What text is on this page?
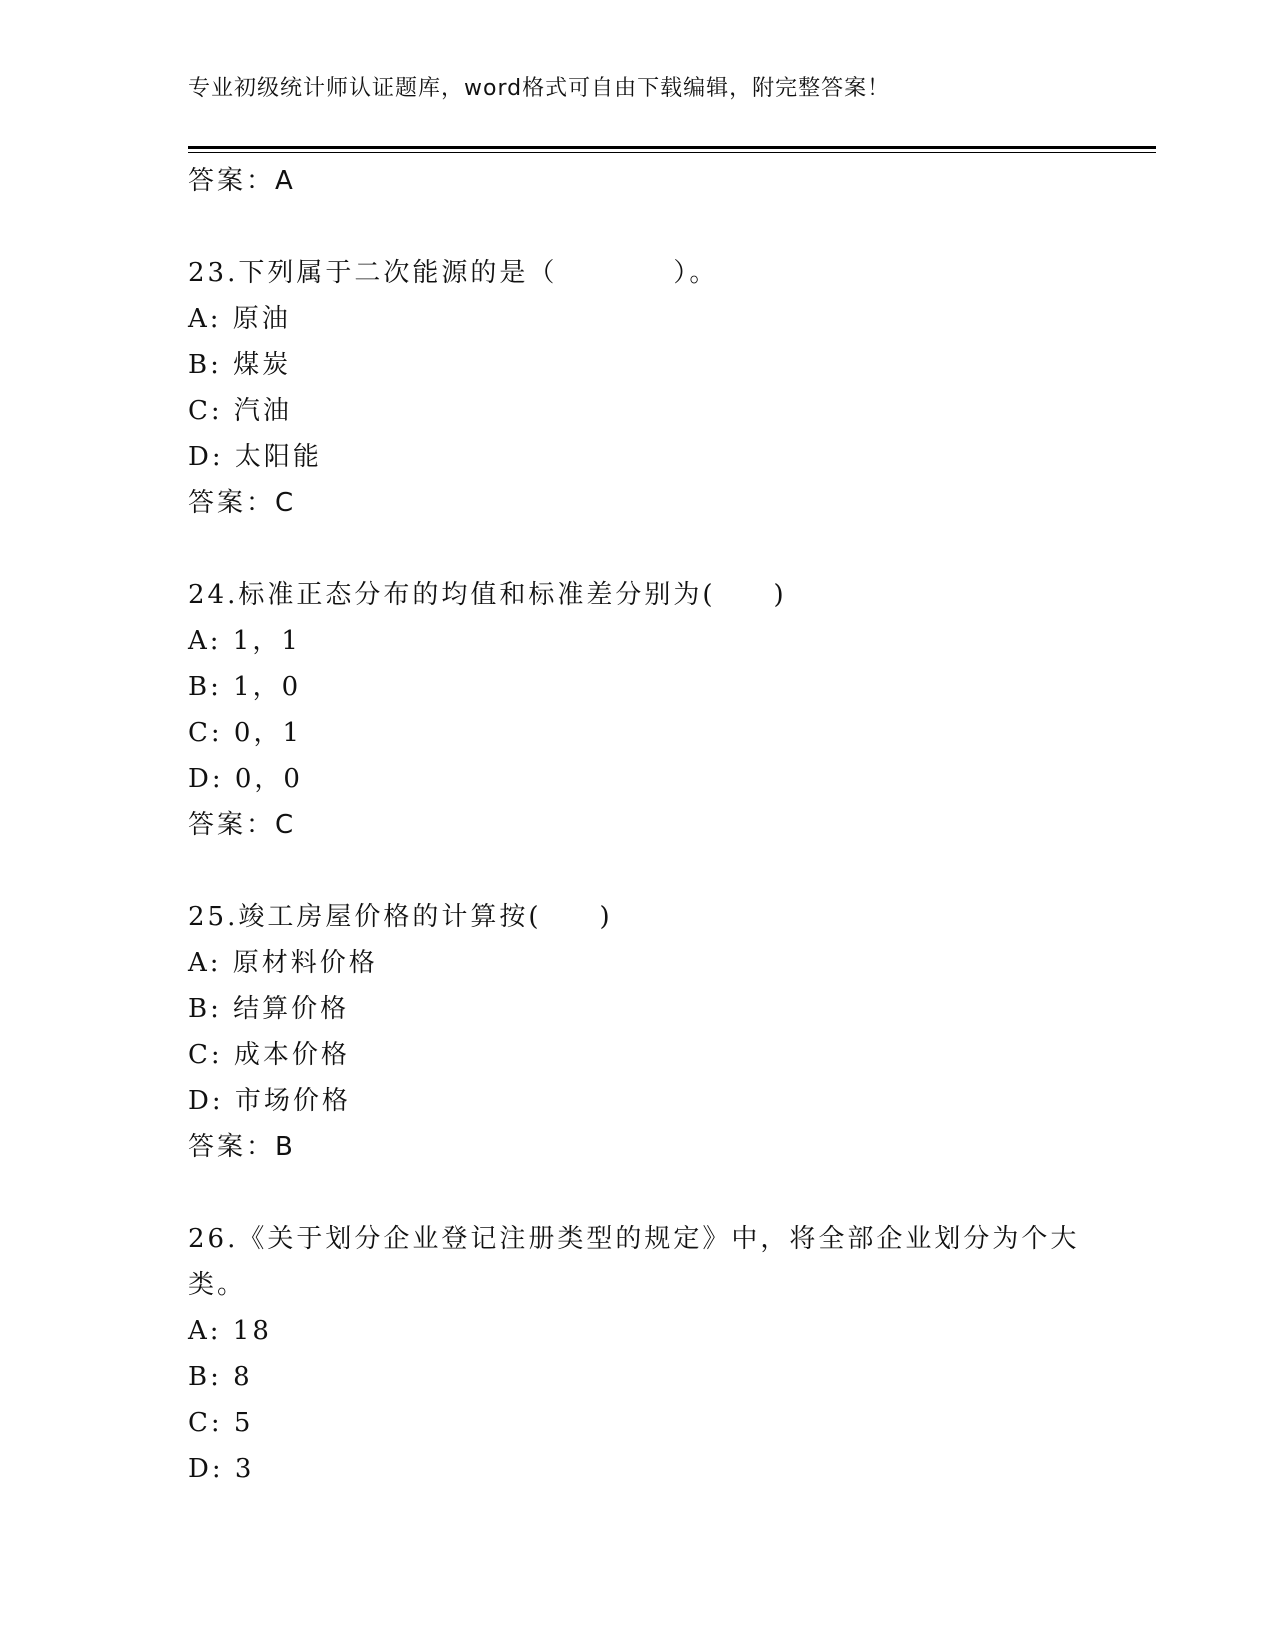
专业初级统计师认证题库，word格式可自由下载编辑，附完整答案！
答案：A
23.下列属于二次能源的是（　　　　）。
A: 原油
B: 煤炭
C: 汽油
D: 太阳能
答案：C
24.标准正态分布的均值和标准差分别为(　　)
A: 1，1
B: 1，0
C: 0，1
D: 0，0
答案：C
25.竣工房屋价格的计算按(　　)
A: 原材料价格
B: 结算价格
C: 成本价格
D: 市场价格
答案：B
26.《关于划分企业登记注册类型的规定》中，将全部企业划分为个大
类。
A: 18
B: 8
C: 5
D: 3
